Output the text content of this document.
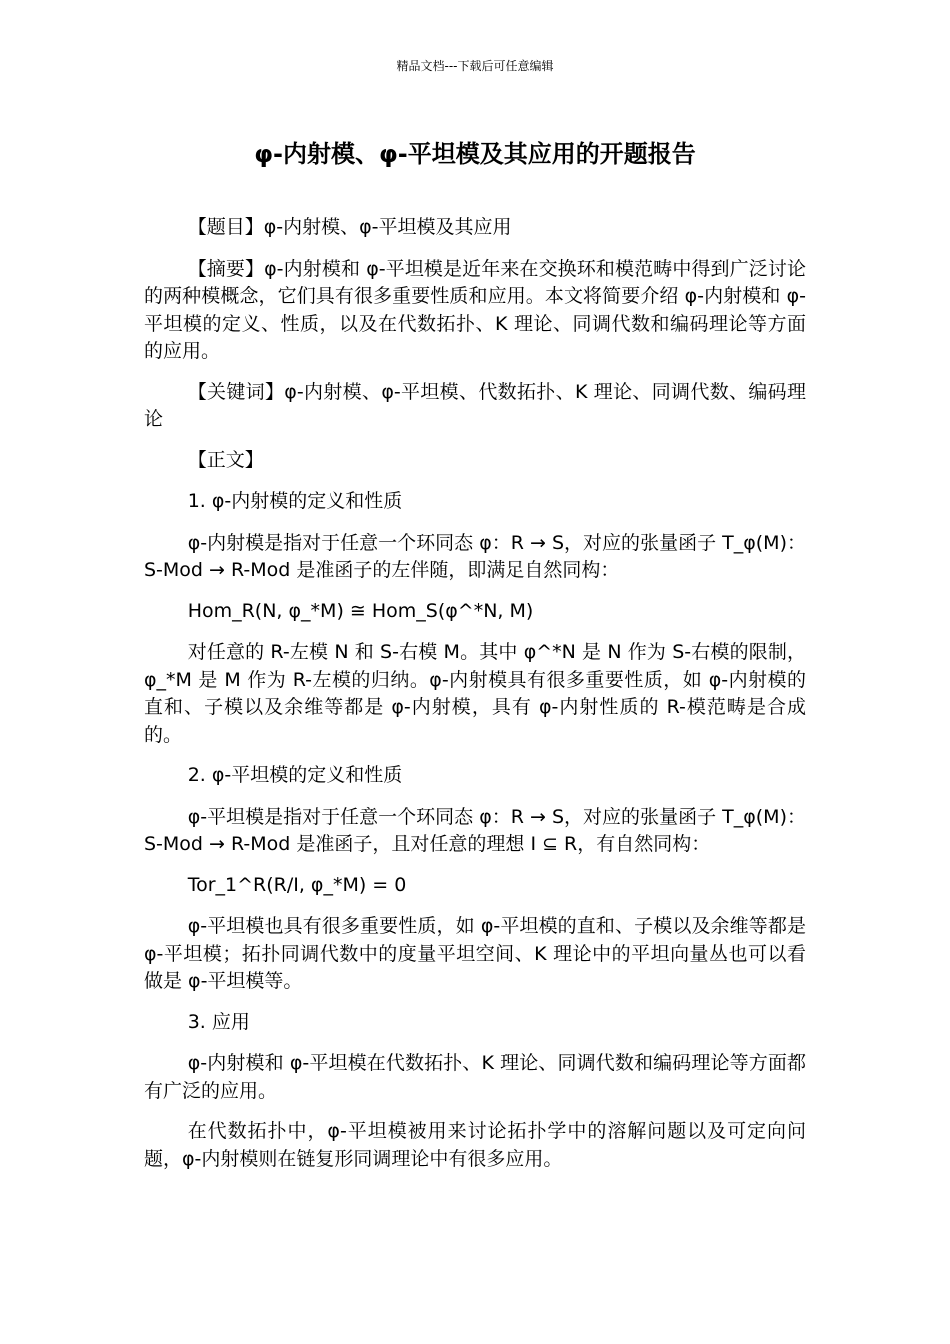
精品文档---下载后可任意编辑
φ-内射模、φ-平坦模及其应用的开题报告

【题目】φ-内射模、φ-平坦模及其应用

【摘要】φ-内射模和 φ-平坦模是近年来在交换环和模范畴中得到广泛讨论的两种模概念，它们具有很多重要性质和应用。本文将简要介绍 φ-内射模和 φ-平坦模的定义、性质，以及在代数拓扑、K 理论、同调代数和编码理论等方面的应用。

【关键词】φ-内射模、φ-平坦模、代数拓扑、K 理论、同调代数、编码理论

【正文】

1. φ-内射模的定义和性质

φ-内射模是指对于任意一个环同态 φ：R → S，对应的张量函子 T_φ(M)：S-Mod → R-Mod 是准函子的左伴随，即满足自然同构：

Hom_R(N, φ_*M) ≅ Hom_S(φ^*N, M)

对任意的 R-左模 N 和 S-右模 M。其中 φ^*N 是 N 作为 S-右模的限制，φ_*M 是 M 作为 R-左模的归纳。φ-内射模具有很多重要性质，如 φ-内射模的直和、子模以及余维等都是 φ-内射模，具有 φ-内射性质的 R-模范畴是合成的。

2. φ-平坦模的定义和性质

φ-平坦模是指对于任意一个环同态 φ：R → S，对应的张量函子 T_φ(M)：S-Mod → R-Mod 是准函子，且对任意的理想 I ⊆ R，有自然同构：

Tor_1^R(R/I, φ_*M) = 0

φ-平坦模也具有很多重要性质，如 φ-平坦模的直和、子模以及余维等都是 φ-平坦模；拓扑同调代数中的度量平坦空间、K 理论中的平坦向量丛也可以看做是 φ-平坦模等。

3. 应用

φ-内射模和 φ-平坦模在代数拓扑、K 理论、同调代数和编码理论等方面都有广泛的应用。

在代数拓扑中，φ-平坦模被用来讨论拓扑学中的溶解问题以及可定向问题，φ-内射模则在链复形同调理论中有很多应用。
